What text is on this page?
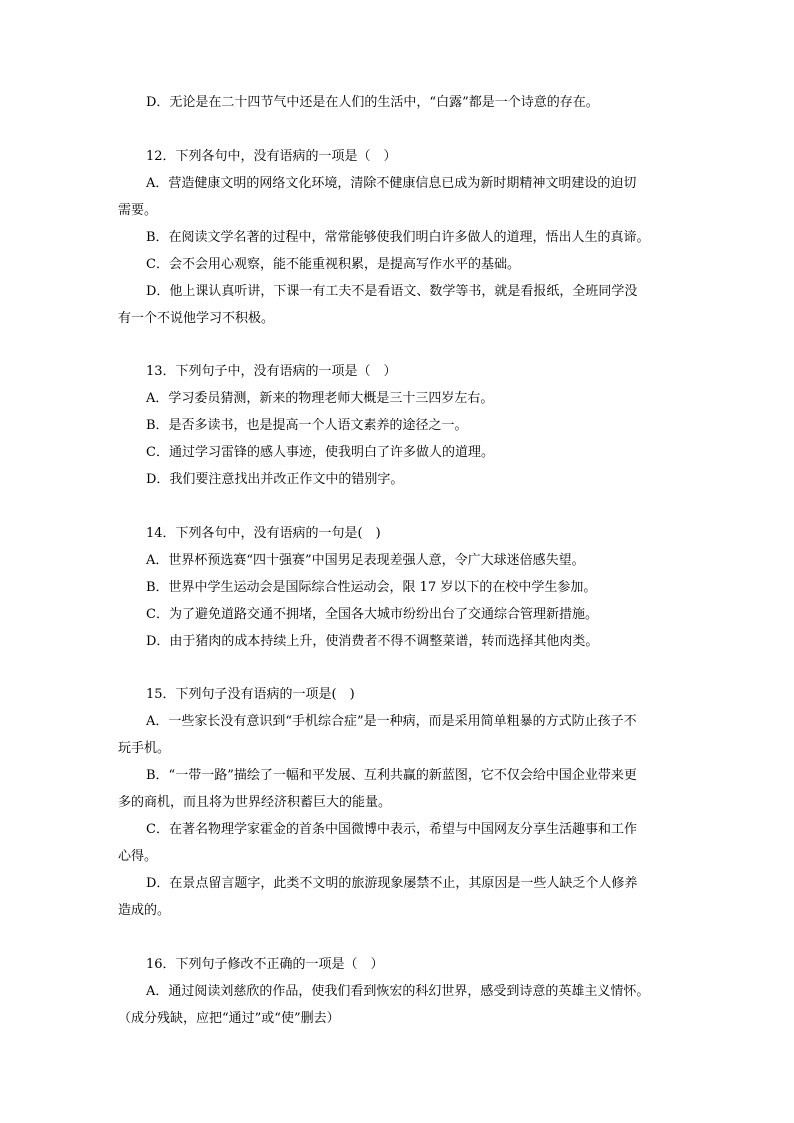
D．无论是在二十四节气中还是在人们的生活中，“白露”都是一个诗意的存在。
12．下列各句中，没有语病的一项是（　）
A．营造健康文明的网络文化环境，清除不健康信息已成为新时期精神文明建设的迫切
需要。
B．在阅读文学名著的过程中，常常能够使我们明白许多做人的道理，悟出人生的真谛。
C．会不会用心观察，能不能重视积累，是提高写作水平的基础。
D．他上课认真听讲，下课一有工夫不是看语文、数学等书，就是看报纸，全班同学没
有一个不说他学习不积极。
13．下列句子中，没有语病的一项是（　）
A．学习委员猜测，新来的物理老师大概是三十三四岁左右。
B．是否多读书，也是提高一个人语文素养的途径之一。
C．通过学习雷锋的感人事迹，使我明白了许多做人的道理。
D．我们要注意找出并改正作文中的错别字。
14．下列各句中，没有语病的一句是(　)
A．世界杯预选赛“四十强赛”中国男足表现差强人意，令广大球迷倍感失望。
B．世界中学生运动会是国际综合性运动会，限 17 岁以下的在校中学生参加。
C．为了避免道路交通不拥堵，全国各大城市纷纷出台了交通综合管理新措施。
D．由于猪肉的成本持续上升，使消费者不得不调整菜谱，转而选择其他肉类。
15．下列句子没有语病的一项是(　)
A．一些家长没有意识到“手机综合症”是一种病，而是采用简单粗暴的方式防止孩子不
玩手机。
B．“一带一路”描绘了一幅和平发展、互利共赢的新蓝图，它不仅会给中国企业带来更
多的商机，而且将为世界经济积蓄巨大的能量。
C．在著名物理学家霍金的首条中国微博中表示，希望与中国网友分享生活趣事和工作
心得。
D．在景点留言题字，此类不文明的旅游现象屡禁不止，其原因是一些人缺乏个人修养
造成的。
16．下列句子修改不正确的一项是（　）
A．通过阅读刘慈欣的作品，使我们看到恢宏的科幻世界，感受到诗意的英雄主义情怀。
（成分残缺，应把“通过”或“使”删去）
